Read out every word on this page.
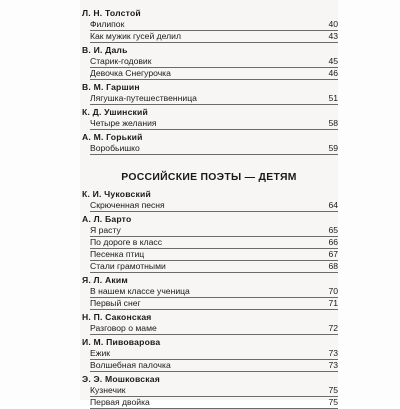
Л. Н. Толстой
Филипок	40
Как мужик гусей делил	43
В. И. Даль
Старик-годовик	45
Девочка Снегурочка	46
В. М. Гаршин
Лягушка-путешественница	51
К. Д. Ушинский
Четыре желания	58
А. М. Горький
Воробьишко	59
РОССИЙСКИЕ ПОЭТЫ — ДЕТЯМ
К. И. Чуковский
Скрюченная песня	64
А. Л. Барто
Я расту	65
По дороге в класс	66
Песенка птиц	67
Стали грамотными	68
Я. Л. Аким
В нашем классе ученица	70
Первый снег	71
Н. П. Саконская
Разговор о маме	72
И. М. Пивоварова
Ежик	73
Волшебная палочка	73
Э. Э. Мошковская
Кузнечик	75
Первая двойка	75
